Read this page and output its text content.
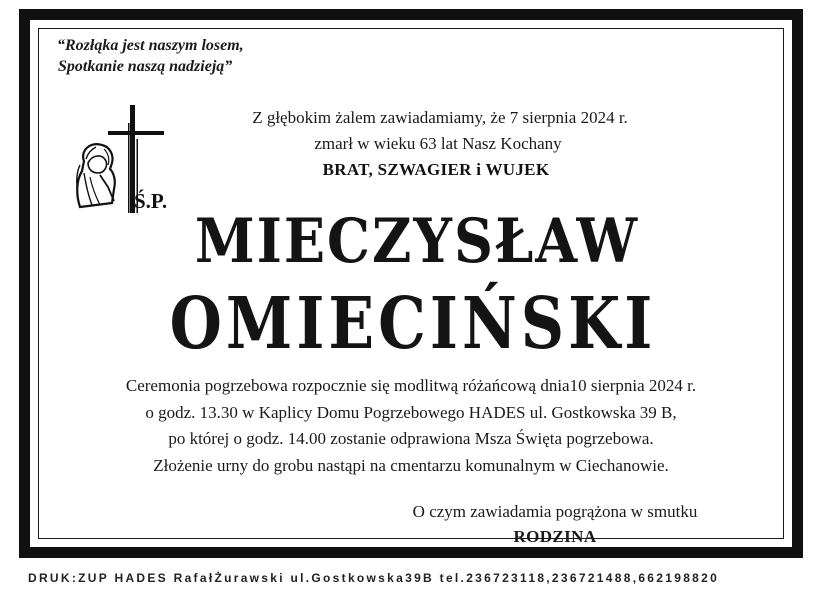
“Rozłąka jest naszym losem,
Spotkanie naszą nadzieją”
Ś.P.
Z głębokim żalem zawiadamiamy, że 7 sierpnia 2024 r.
zmarł w wieku 63 lat Nasz Kochany
BRAT, SZWAGIER i WUJEK
MIECZYSŁAW
OMIECIŃSKI
Ceremonia pogrzebowa rozpocznie się modlitwą różańcową dnia10 sierpnia 2024 r.
o godz. 13.30 w Kaplicy Domu Pogrzebowego HADES ul. Gostkowska 39 B,
po której o godz. 14.00 zostanie odprawiona Msza Święta pogrzebowa.
Złożenie urny do grobu nastąpi na cmentarzu komunalnym w Ciechanowie.
O czym zawiadamia pogrążona w smutku
RODZINA
DRUK:ZUP HADES RafałŻurawski ul.Gostkowska39B tel.236723118,236721488,662198820
